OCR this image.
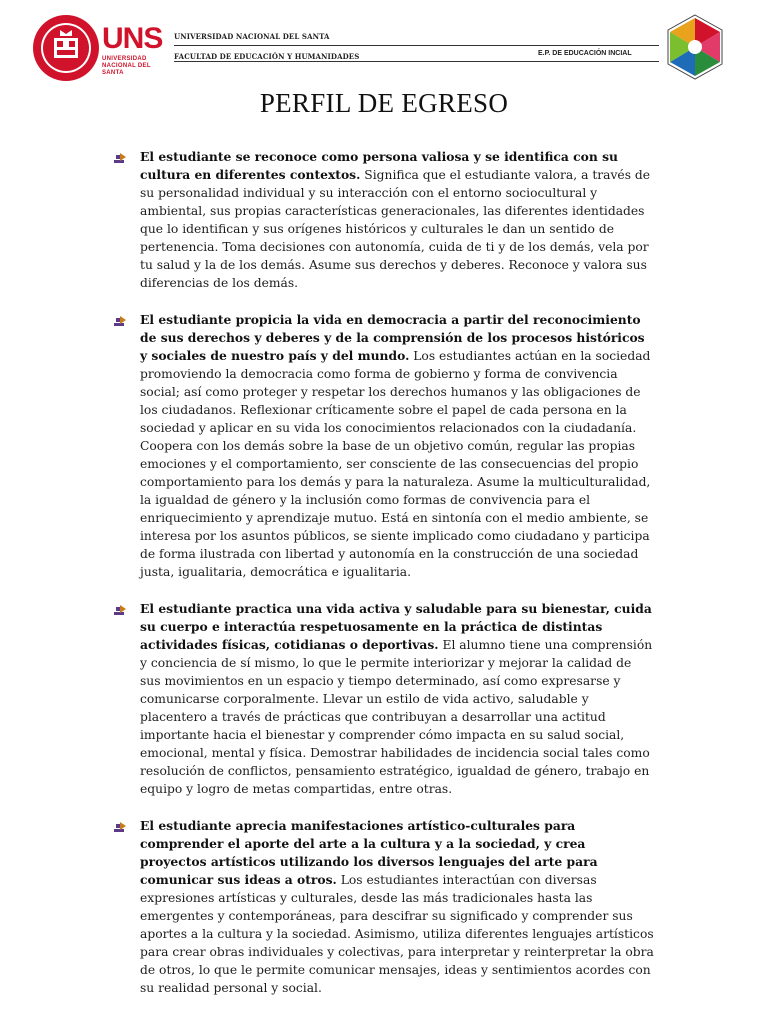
UNS
UNIVERSIDAD NACIONAL DEL SANTA
UNIVERSIDAD NACIONAL DEL SANTA
FACULTAD DE EDUCACIÓN Y HUMANIDADES	E.P. DE EDUCACIÓN INCIAL
PERFIL DE EGRESO
El estudiante se reconoce como persona valiosa y se identifica con su cultura en diferentes contextos. Significa que el estudiante valora, a través de su personalidad individual y su interacción con el entorno sociocultural y ambiental, sus propias características generacionales, las diferentes identidades que lo identifican y sus orígenes históricos y culturales le dan un sentido de pertenencia. Toma decisiones con autonomía, cuida de ti y de los demás, vela por tu salud y la de los demás. Asume sus derechos y deberes. Reconoce y valora sus diferencias de los demás.
El estudiante propicia la vida en democracia a partir del reconocimiento de sus derechos y deberes y de la comprensión de los procesos históricos y sociales de nuestro país y del mundo. Los estudiantes actúan en la sociedad promoviendo la democracia como forma de gobierno y forma de convivencia social; así como proteger y respetar los derechos humanos y las obligaciones de los ciudadanos. Reflexionar críticamente sobre el papel de cada persona en la sociedad y aplicar en su vida los conocimientos relacionados con la ciudadanía. Coopera con los demás sobre la base de un objetivo común, regular las propias emociones y el comportamiento, ser consciente de las consecuencias del propio comportamiento para los demás y para la naturaleza. Asume la multiculturalidad, la igualdad de género y la inclusión como formas de convivencia para el enriquecimiento y aprendizaje mutuo. Está en sintonía con el medio ambiente, se interesa por los asuntos públicos, se siente implicado como ciudadano y participa de forma ilustrada con libertad y autonomía en la construcción de una sociedad justa, igualitaria, democrática e igualitaria.
El estudiante practica una vida activa y saludable para su bienestar, cuida su cuerpo e interactúa respetuosamente en la práctica de distintas actividades físicas, cotidianas o deportivas. El alumno tiene una comprensión y conciencia de sí mismo, lo que le permite interiorizar y mejorar la calidad de sus movimientos en un espacio y tiempo determinado, así como expresarse y comunicarse corporalmente. Llevar un estilo de vida activo, saludable y placentero a través de prácticas que contribuyan a desarrollar una actitud importante hacia el bienestar y comprender cómo impacta en su salud social, emocional, mental y física. Demostrar habilidades de incidencia social tales como resolución de conflictos, pensamiento estratégico, igualdad de género, trabajo en equipo y logro de metas compartidas, entre otras.
El estudiante aprecia manifestaciones artístico-culturales para comprender el aporte del arte a la cultura y a la sociedad, y crea proyectos artísticos utilizando los diversos lenguajes del arte para comunicar sus ideas a otros. Los estudiantes interactúan con diversas expresiones artísticas y culturales, desde las más tradicionales hasta las emergentes y contemporáneas, para descifrar su significado y comprender sus aportes a la cultura y la sociedad. Asimismo, utiliza diferentes lenguajes artísticos para crear obras individuales y colectivas, para interpretar y reinterpretar la obra de otros, lo que le permite comunicar mensajes, ideas y sentimientos acordes con su realidad personal y social.
